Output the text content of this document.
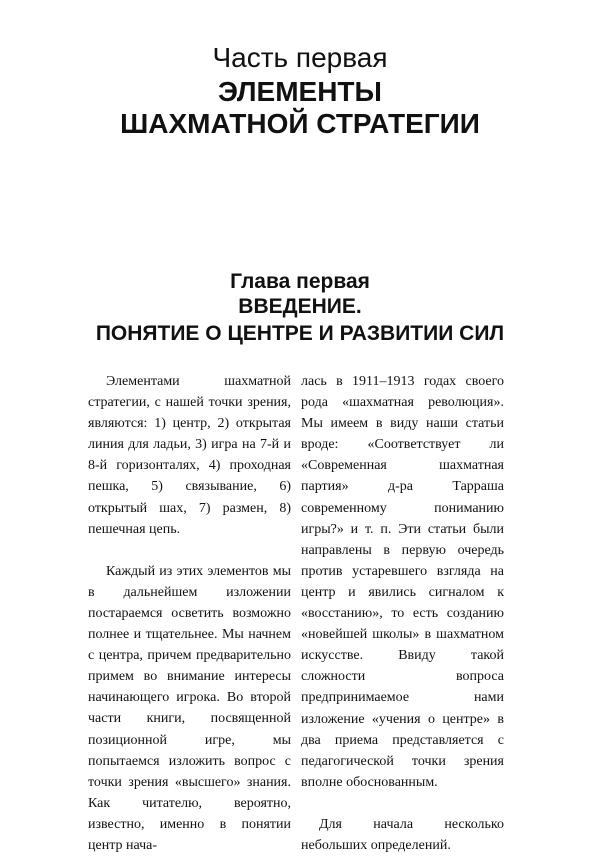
Часть первая
ЭЛЕМЕНТЫ
ШАХМАТНОЙ СТРАТЕГИИ
Глава первая
ВВЕДЕНИЕ.
ПОНЯТИЕ О ЦЕНТРЕ И РАЗВИТИИ СИЛ

Элементами шахматной стратегии, с нашей точки зрения, являются: 1) центр, 2) открытая линия для ладьи, 3) игра на 7-й и 8-й горизонталях, 4) проходная пешка, 5) связывание, 6) открытый шах, 7) размен, 8) пешечная цепь.

Каждый из этих элементов мы в дальнейшем изложении постараемся осветить возможно полнее и тщательнее. Мы начнем с центра, причем предварительно примем во внимание интересы начинающего игрока. Во второй части книги, посвященной позиционной игре, мы попытаемся изложить вопрос с точки зрения «высшего» знания. Как читателю, вероятно, известно, именно в понятии центр нача-

лась в 1911–1913 годах своего рода «шахматная революция». Мы имеем в виду наши статьи вроде: «Соответствует ли «Современная шахматная партия» д-ра Тарраша современному пониманию игры?» и т. п. Эти статьи были направлены в первую очередь против устаревшего взгляда на центр и явились сигналом к «восстанию», то есть созданию «новейшей школы» в шахматном искусстве. Ввиду такой сложности вопроса предпринимаемое нами изложение «учения о центре» в два приема представляется с педагогической точки зрения вполне обоснованным.

Для начала несколько небольших определений.
